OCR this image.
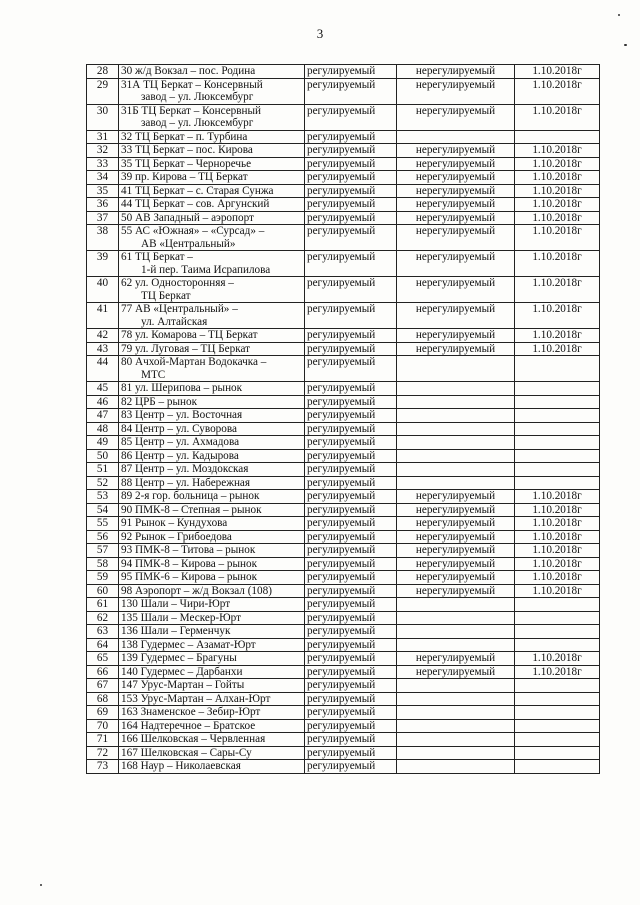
3
28	30 ж/д Вокзал – пос. Родина	регулируемый	нерегулируемый	1.10.2018г
29	31А ТЦ Беркат – Консервный
завод – ул. Люксембург	регулируемый	нерегулируемый	1.10.2018г
30	31Б ТЦ Беркат – Консервный
завод – ул. Люксембург	регулируемый	нерегулируемый	1.10.2018г
31	32 ТЦ Беркат – п. Турбина	регулируемый		
32	33 ТЦ Беркат – пос. Кирова	регулируемый	нерегулируемый	1.10.2018г
33	35 ТЦ Беркат – Черноречье	регулируемый	нерегулируемый	1.10.2018г
34	39 пр. Кирова – ТЦ Беркат	регулируемый	нерегулируемый	1.10.2018г
35	41 ТЦ Беркат – с. Старая Сунжа	регулируемый	нерегулируемый	1.10.2018г
36	44 ТЦ Беркат – сов. Аргунский	регулируемый	нерегулируемый	1.10.2018г
37	50 АВ Западный – аэропорт	регулируемый	нерегулируемый	1.10.2018г
38	55 АС «Южная» – «Сурсад» –
АВ «Центральный»	регулируемый	нерегулируемый	1.10.2018г
39	61 ТЦ Беркат –
1-й пер. Таима Исрапилова	регулируемый	нерегулируемый	1.10.2018г
40	62 ул. Односторонняя –
ТЦ Беркат	регулируемый	нерегулируемый	1.10.2018г
41	77 АВ «Центральный» –
ул. Алтайская	регулируемый	нерегулируемый	1.10.2018г
42	78 ул. Комарова – ТЦ Беркат	регулируемый	нерегулируемый	1.10.2018г
43	79 ул. Луговая – ТЦ Беркат	регулируемый	нерегулируемый	1.10.2018г
44	80 Ачхой-Мартан Водокачка –
МТС	регулируемый		
45	81 ул. Шерипова – рынок	регулируемый		
46	82 ЦРБ – рынок	регулируемый		
47	83 Центр – ул. Восточная	регулируемый		
48	84 Центр – ул. Суворова	регулируемый		
49	85 Центр – ул. Ахмадова	регулируемый		
50	86 Центр – ул. Кадырова	регулируемый		
51	87 Центр – ул. Моздокская	регулируемый		
52	88 Центр – ул. Набережная	регулируемый		
53	89 2-я гор. больница – рынок	регулируемый	нерегулируемый	1.10.2018г
54	90 ПМК-8 – Степная – рынок	регулируемый	нерегулируемый	1.10.2018г
55	91 Рынок – Кундухова	регулируемый	нерегулируемый	1.10.2018г
56	92 Рынок – Грибоедова	регулируемый	нерегулируемый	1.10.2018г
57	93 ПМК-8 – Титова – рынок	регулируемый	нерегулируемый	1.10.2018г
58	94 ПМК-8 – Кирова – рынок	регулируемый	нерегулируемый	1.10.2018г
59	95 ПМК-6 – Кирова – рынок	регулируемый	нерегулируемый	1.10.2018г
60	98 Аэропорт – ж/д Вокзал (108)	регулируемый	нерегулируемый	1.10.2018г
61	130 Шали – Чири-Юрт	регулируемый		
62	135 Шали – Мескер-Юрт	регулируемый		
63	136 Шали – Герменчук	регулируемый		
64	138 Гудермес – Азамат-Юрт	регулируемый		
65	139 Гудермес – Брагуны	регулируемый	нерегулируемый	1.10.2018г
66	140 Гудермес – Дарбанхи	регулируемый	нерегулируемый	1.10.2018г
67	147 Урус-Мартан – Гойты	регулируемый		
68	153 Урус-Мартан – Алхан-Юрт	регулируемый		
69	163 Знаменское – Зебир-Юрт	регулируемый		
70	164 Надтеречное – Братское	регулируемый		
71	166 Шелковская – Червленная	регулируемый		
72	167 Шелковская – Сары-Су	регулируемый		
73	168 Наур – Николаевская	регулируемый		
